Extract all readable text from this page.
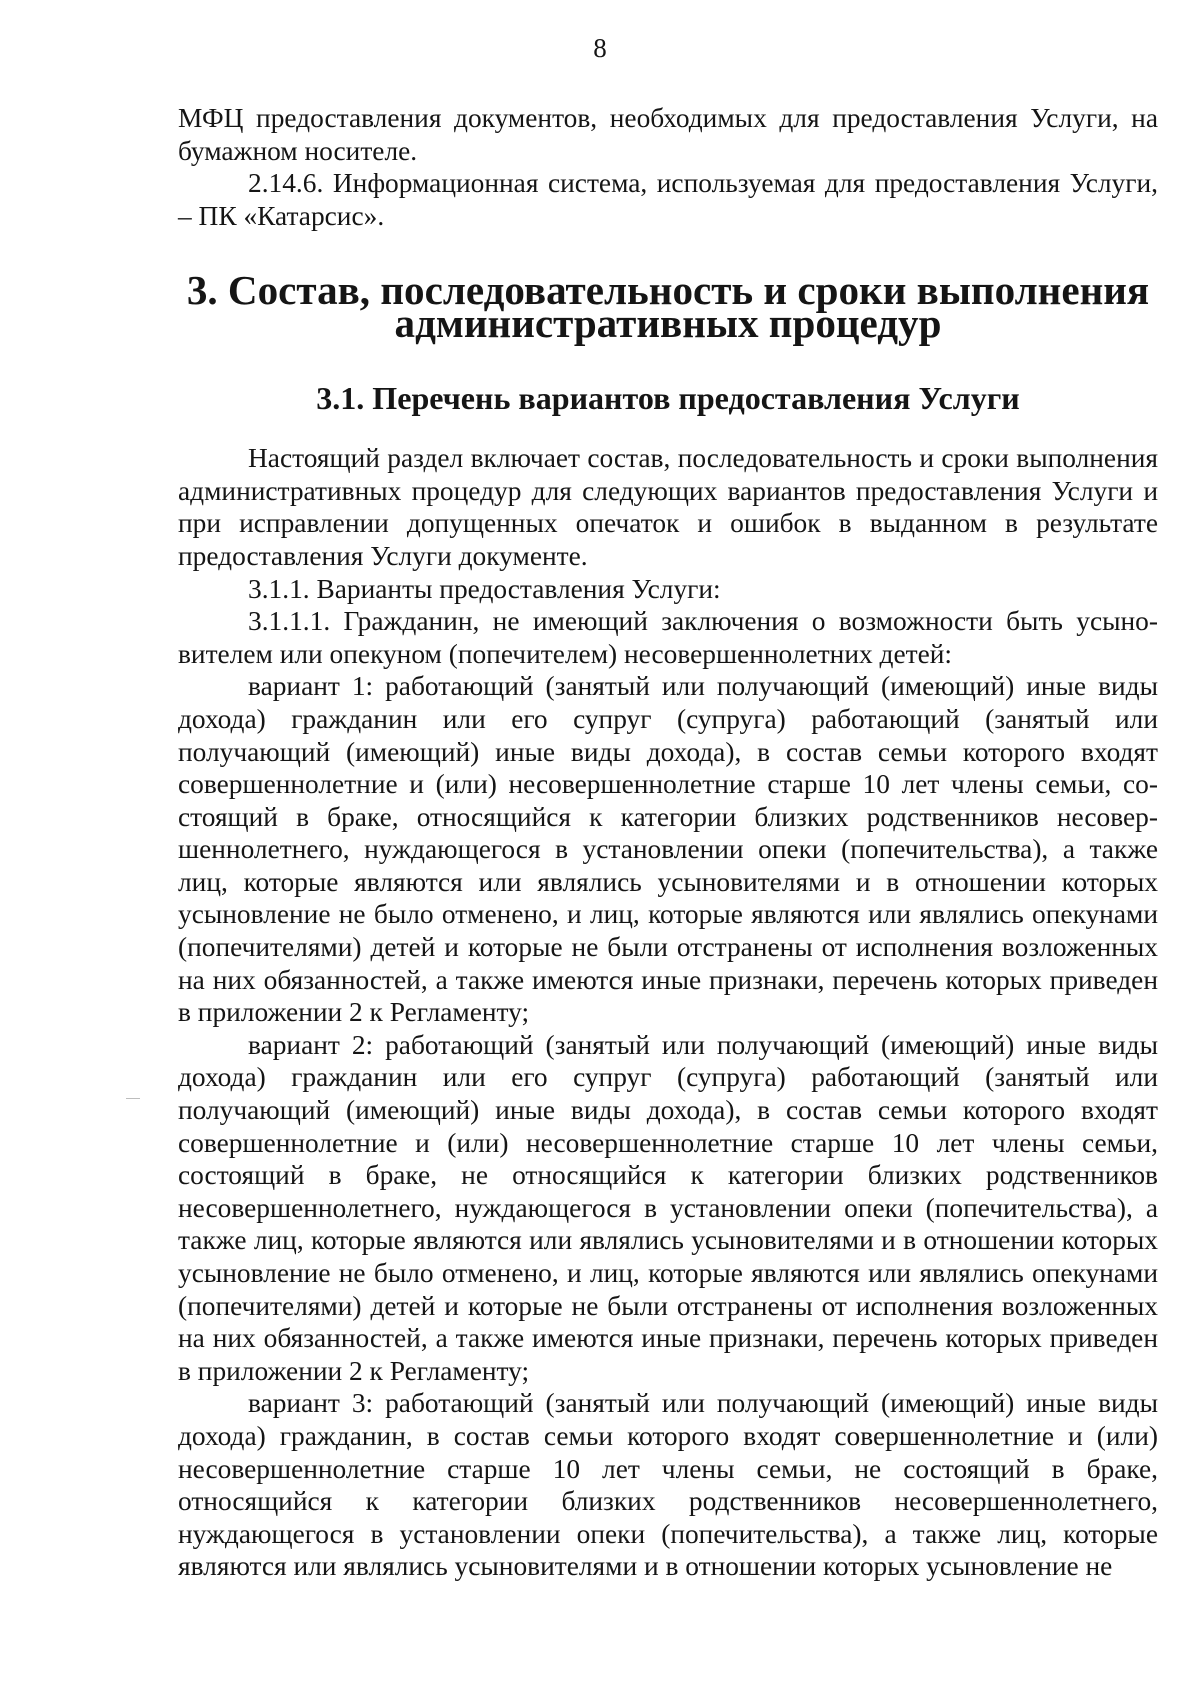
8

МФЦ предоставления документов, необходимых для предоставления Услуги, на бумажном носителе.

2.14.6. Информационная система, используемая для предоставления Услуги, – ПК «Катарсис».

3. Состав, последовательность и сроки выполнения
административных процедур
3.1. Перечень вариантов предоставления Услуги

Настоящий раздел включает состав, последовательность и сроки выполнения административных процедур для следующих вариантов предоставления Услуги и при исправлении допущенных опечаток и ошибок в выданном в результате предоставления Услуги документе.

3.1.1. Варианты предоставления Услуги:

3.1.1.1. Гражданин, не имеющий заключения о возможности быть усыновителем или опекуном (попечителем) несовершеннолетних детей:

вариант 1: работающий (занятый или получающий (имеющий) иные виды дохода) гражданин или его супруг (супруга) работающий (занятый или получающий (имеющий) иные виды дохода), в состав семьи которого входят совершеннолетние и (или) несовершеннолетние старше 10 лет члены семьи, состоящий в браке, относящийся к категории близких родственников несовершеннолетнего, нуждающегося в установлении опеки (попечительства), а также лиц, которые являются или являлись усыновителями и в отношении которых усыновление не было отменено, и лиц, которые являются или являлись опекунами (попечителями) детей и которые не были отстранены от исполнения возложенных на них обязанностей, а также имеются иные признаки, перечень которых приведен в приложении 2 к Регламенту;

вариант 2: работающий (занятый или получающий (имеющий) иные виды дохода) гражданин или его супруг (супруга) работающий (занятый или получающий (имеющий) иные виды дохода), в состав семьи которого входят совершеннолетние и (или) несовершеннолетние старше 10 лет члены семьи, состоящий в браке, не относящийся к категории близких родственников несовершеннолетнего, нуждающегося в установлении опеки (попечительства), а также лиц, которые являются или являлись усыновителями и в отношении которых усыновление не было отменено, и лиц, которые являются или являлись опекунами (попечителями) детей и которые не были отстранены от исполнения возложенных на них обязанностей, а также имеются иные признаки, перечень которых приведен в приложении 2 к Регламенту;

вариант 3: работающий (занятый или получающий (имеющий) иные виды дохода) гражданин, в состав семьи которого входят совершеннолетние и (или) несовершеннолетние старше 10 лет члены семьи, не состоящий в браке, относящийся к категории близких родственников несовершеннолетнего, нуждающегося в установлении опеки (попечительства), а также лиц, которые являются или являлись усыновителями и в отношении которых усыновление не
